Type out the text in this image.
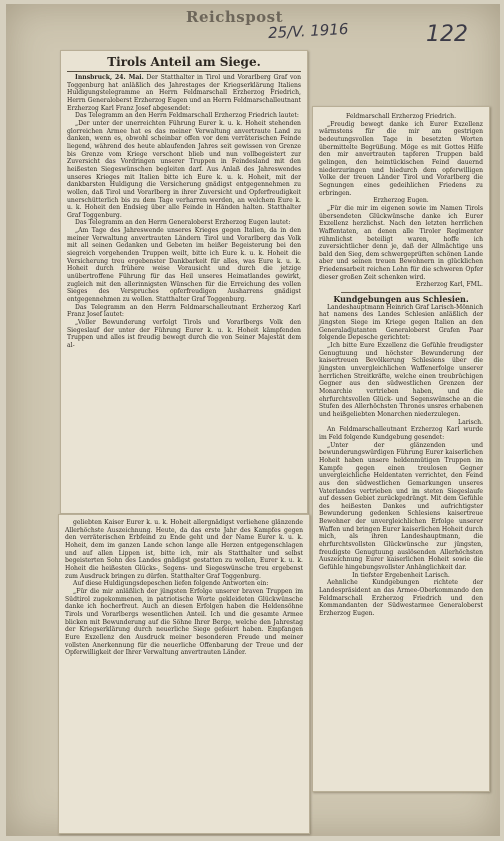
Reichspost
25/V. 1916	122
Tirols Anteil am Siege.

Innsbruck, 24. Mai. Der Statthalter in Tirol und Vorarlberg Graf von Toggenburg hat anläßlich des Jahrestages der Kriegserklärung Italiens Huldigungstelegramme an Herrn Feldmarschall Erzherzog Friedrich, Herrn Generaloberst Erzherzog Eugen und an Herrn Feldmarschalleutnant Erzherzog Karl Franz Josef abgesendet:

Das Telegramm an den Herrn Feldmarschall Erzherzog Friedrich lautet:

„Der unter der unerreichten Führung Eurer k. u. k. Hoheit stehenden glorreichen Armee hat es das meiner Verwaltung anvertraute Land zu danken, wenn es, obwohl scheinbar offen vor dem verräterischen Feinde liegend, während des heute ablaufenden Jahres seit gewissen von Grenze bis Grenze vom Kriege verschont blieb und nun vollbegeistert zur Zuversicht das Vordringen unserer Truppen in Feindesland mit den heißesten Siegeswünschen begleiten darf. Aus Anlaß des Jahreswendes unseres Krieges mit Italien bitte ich Eure k. u. k. Hoheit, mit der dankbarsten Huldigung die Versicherung gnädigst entgegennehmen zu wollen, daß Tirol und Vorarlberg in ihrer Zuversicht und Opferfreudigkeit unerschütterlich bis zu dem Tage verharren werden, an welchem Eure k. u. k. Hoheit den Endsieg über alle Feinde in Händen halten. Statthalter Graf Toggenburg.

Das Telegramm an den Herrn Generaloberst Erzherzog Eugen lautet:

„Am Tage des Jahreswende unseres Krieges gegen Italien, da in den meiner Verwaltung anvertrauten Ländern Tirol und Vorarlberg das Volk mit all seinen Gedanken und Gebeten im heißer Begeisterung bei den siegreich vorgehenden Truppen weilt, bitte ich Eure k. u. k. Hoheit die Versicherung treu ergebenster Dankbarkeit für alles, was Eure k. u. k. Hoheit durch frühere weise Vorausicht und durch die jetzige unübertroffene Führung für das Heil unseres Heimatlandes gewirkt, zugleich mit den allerinnigsten Wünschen für die Erreichung des vollen Sieges des Verspruches opferfreudigen Ausharrens gnädigst entgegennehmen zu wollen. Statthalter Graf Toggenburg.

Das Telegramm an den Herrn Feldmarschalleutnant Erzherzog Karl Franz Josef lautet:

„Voller Bewunderung verfolgt Tirols und Vorarlbergs Volk den Siegeslauf der unter der Führung Eurer k. u. k. Hoheit kämpfenden Truppen und alles ist freudig bewegt durch die von Seiner Majestät dem al-

geliebten Kaiser Eurer k. u. k. Hoheit allergnädigst verliehene glänzende Allerhöchste Auszeichnung. Heute, da das erste Jahr des Kampfes gegen den verräterischen Erbfeind zu Ende geht und der Name Eurer k. u. k. Hoheit, dem im ganzen Lande schon lange alle Herzen entgegenschlagen und auf allen Lippen ist, bitte ich, mir als Statthalter und selbst begeisterten Sohn des Landes gnädigst gestatten zu wollen, Eurer k. u. k. Hoheit die heißesten Glücks-, Segens- und Siegeswünsche treu ergebenst zum Ausdruck bringen zu dürfen. Statthalter Graf Toggenburg.

Auf diese Huldigungsdepeschen liefen folgende Antworten ein:

„Für die mir anläßlich der jüngsten Erfolge unserer braven Truppen im Südtirol zugekommenen, in patriotische Worte gekleideten Glückwünsche danke ich hocherfreut. Auch an diesen Erfolgen haben die Heldensöhne Tirols und Vorarlbergs wesentlichen Anteil. Ich und die gesamte Armee blicken mit Bewunderung auf die Söhne Ihrer Berge, welche den Jahrestag der Kriegserklärung durch neuerliche Siege gefeiert haben. Empfangen Eure Exzellenz den Ausdruck meiner besonderen Freude und meiner vollsten Anerkennung für die neuerliche Offenbarung der Treue und der Opferwilligkeit der Ihrer Verwaltung anvertrauten Länder.

Feldmarschall Erzherzog Friedrich.

„Freudig bewegt danke ich Eurer Exzellenz wärmstens für die mir am gestrigen bedeutungsvollen Tage in besetzten Worten übermittelte Begrüßung. Möge es mit Gottes Hilfe den mir anvertrauten tapferen Truppen bald gelingen, den heimtückischen Feind dauernd niederzuringen und hiedurch dem opferwilligen Volke der treuen Länder Tirol und Vorarlberg die Segnungen eines gedeihlichen Friedens zu erbringen.

Erzherzog Eugen.

„Für die mir im eigenen sowie im Namen Tirols übersendeten Glückwünsche danke ich Eurer Exzellenz herzlichst. Nach den letzten herrlichen Waffentaten, an denen alle Tiroler Regimenter rühmlichst beteiligt waren, hoffe ich zuversichtlicher denn je, daß der Allmächtige uns bald den Sieg, dem schwergeprüften schönen Lande aber und seinen treuen Bewohnern in glücklichen Friedensarbeit reichen Lohn für die schweren Opfer dieser großen Zeit schenken wird.

Erzherzog Karl, FML.

Kundgebungen aus Schlesien.

Landeshauptmann Heinrich Graf Larisch-Mönnich hat namens des Landes Schlesien anläßlich der jüngsten Siege im Kriege gegen Italien an den Generaladjutanten Generaloberst Grafen Paar folgende Depesche gerichtet:

„Ich bitte Eure Exzellenz die Gefühle freudigster Genugtuung und höchster Bewunderung der kaisertreuen Bevölkerung Schlesiens über die jüngsten unvergleichlichen Waffenerfolge unserer herrlichen Streitkräfte, welche einen treubrüchigen Gegner aus den südwestlichen Grenzen der Monarchie vertrieben haben, und die ehrfurchtsvollen Glück- und Segenswünsche an die Stufen des Allerhöchsten Thrones unsres erhabenen und heißgeliebten Monarchen niederzulegen.

Larisch.

An Feldmarschalleutnant Erzherzog Karl wurde im Feld folgende Kundgebung gesendet:

„Unter der glänzenden und bewunderungswürdigen Führung Eurer kaiserlichen Hoheit haben unsere heldenmütigen Truppen im Kampfe gegen einen treulosen Gegner unvergleichliche Heldentaten verrichtet, den Feind aus den südwestlichen Gemarkungen unseres Vaterlandes vertrieben und im steten Siegeslaufe auf dessen Gebiet zurückgedrängt. Mit dem Gefühle des heißesten Dankes und aufrichtigster Bewunderung gedenken Schlesiens kaisertreue Bewohner der unvergleichlichen Erfolge unserer Waffen und bringen Eurer kaiserlichen Hoheit durch mich, als ihren Landeshauptmann, die ehrfurchtsvollsten Glückwünsche zur jüngsten, freudigste Genugtuung auslösenden Allerhöchsten Auszeichnung Eurer kaiserlichen Hoheit sowie die Gefühle hingebungsvollster Anhänglichkeit dar.

In tiefster Ergebenheit Larisch.

Aehnliche Kundgebungen richtete der Landespräsident an das Armee-Oberkommando den Feldmarschall Erzherzog Friedrich und den Kommandanten der Südwestarmee Generaloberst Erzherzog Eugen.
